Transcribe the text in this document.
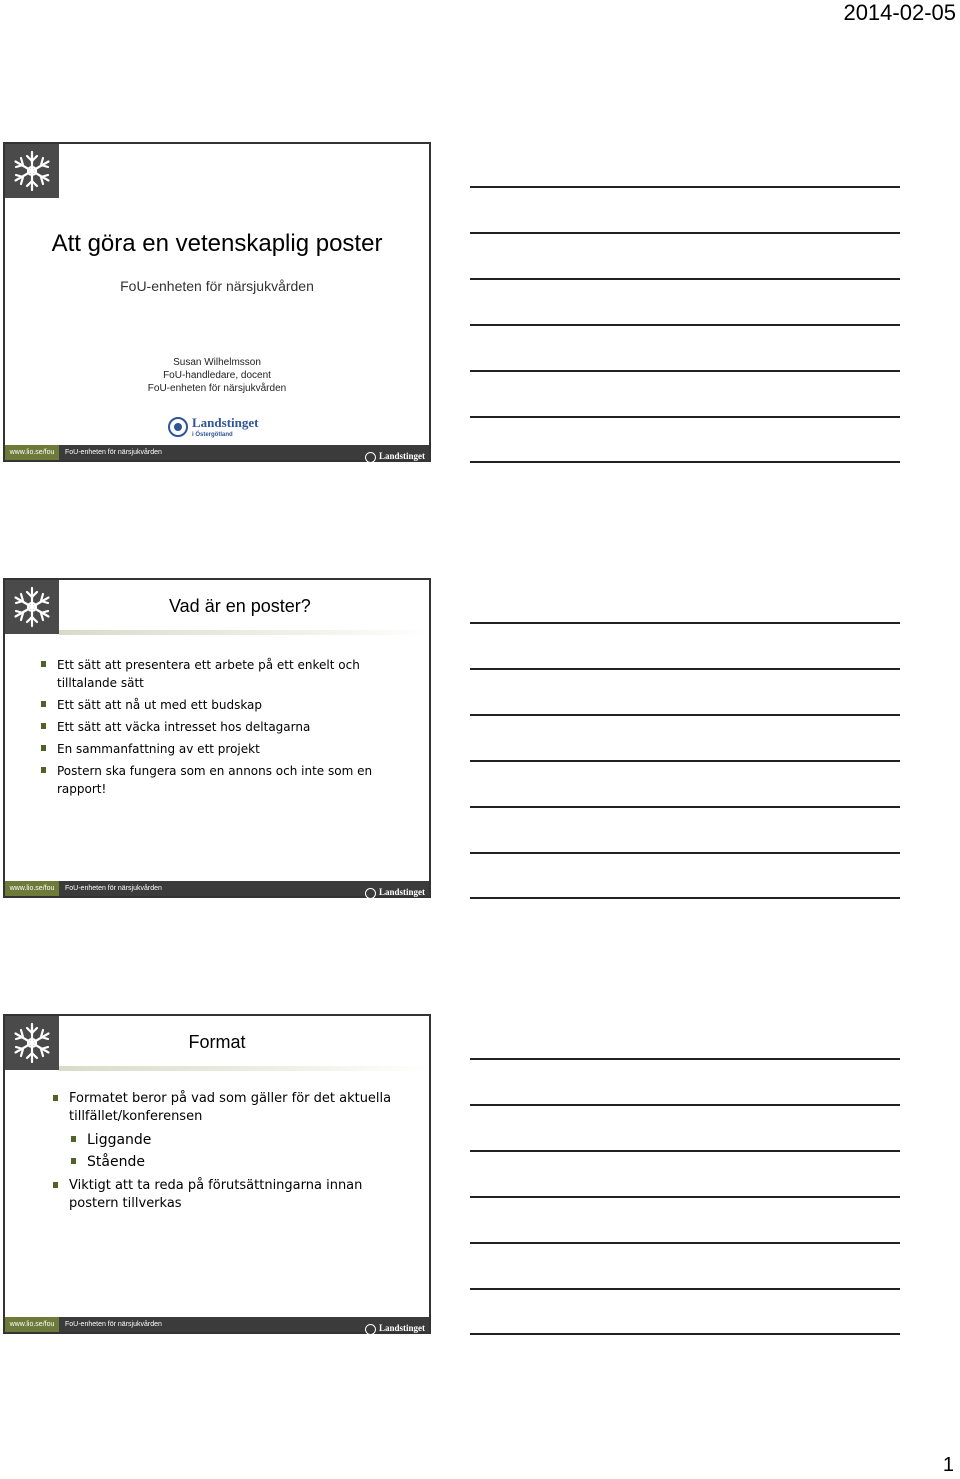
2014-02-05
Att göra en vetenskaplig poster
FoU-enheten för närsjukvården
Susan Wilhelmsson
FoU-handledare, docent
FoU-enheten för närsjukvården
Landstinget
i Östergötland
www.lio.se/fou	FoU-enheten för närsjukvården	Landstinget
i Östergötland
Vad är en poster?
Ett sätt att presentera ett arbete på ett enkelt och tilltalande sätt
Ett sätt att nå ut med ett budskap
Ett sätt att väcka intresset hos deltagarna
En sammanfattning av ett projekt
Postern ska fungera som en annons och inte som en rapport!
www.lio.se/fou	FoU-enheten för närsjukvården	Landstinget
i Östergötland
Format
Formatet beror på vad som gäller för det aktuella tillfället/konferensen
Liggande
Stående
Viktigt att ta reda på förutsättningarna innan postern tillverkas
www.lio.se/fou	FoU-enheten för närsjukvården	Landstinget
i Östergötland
1
